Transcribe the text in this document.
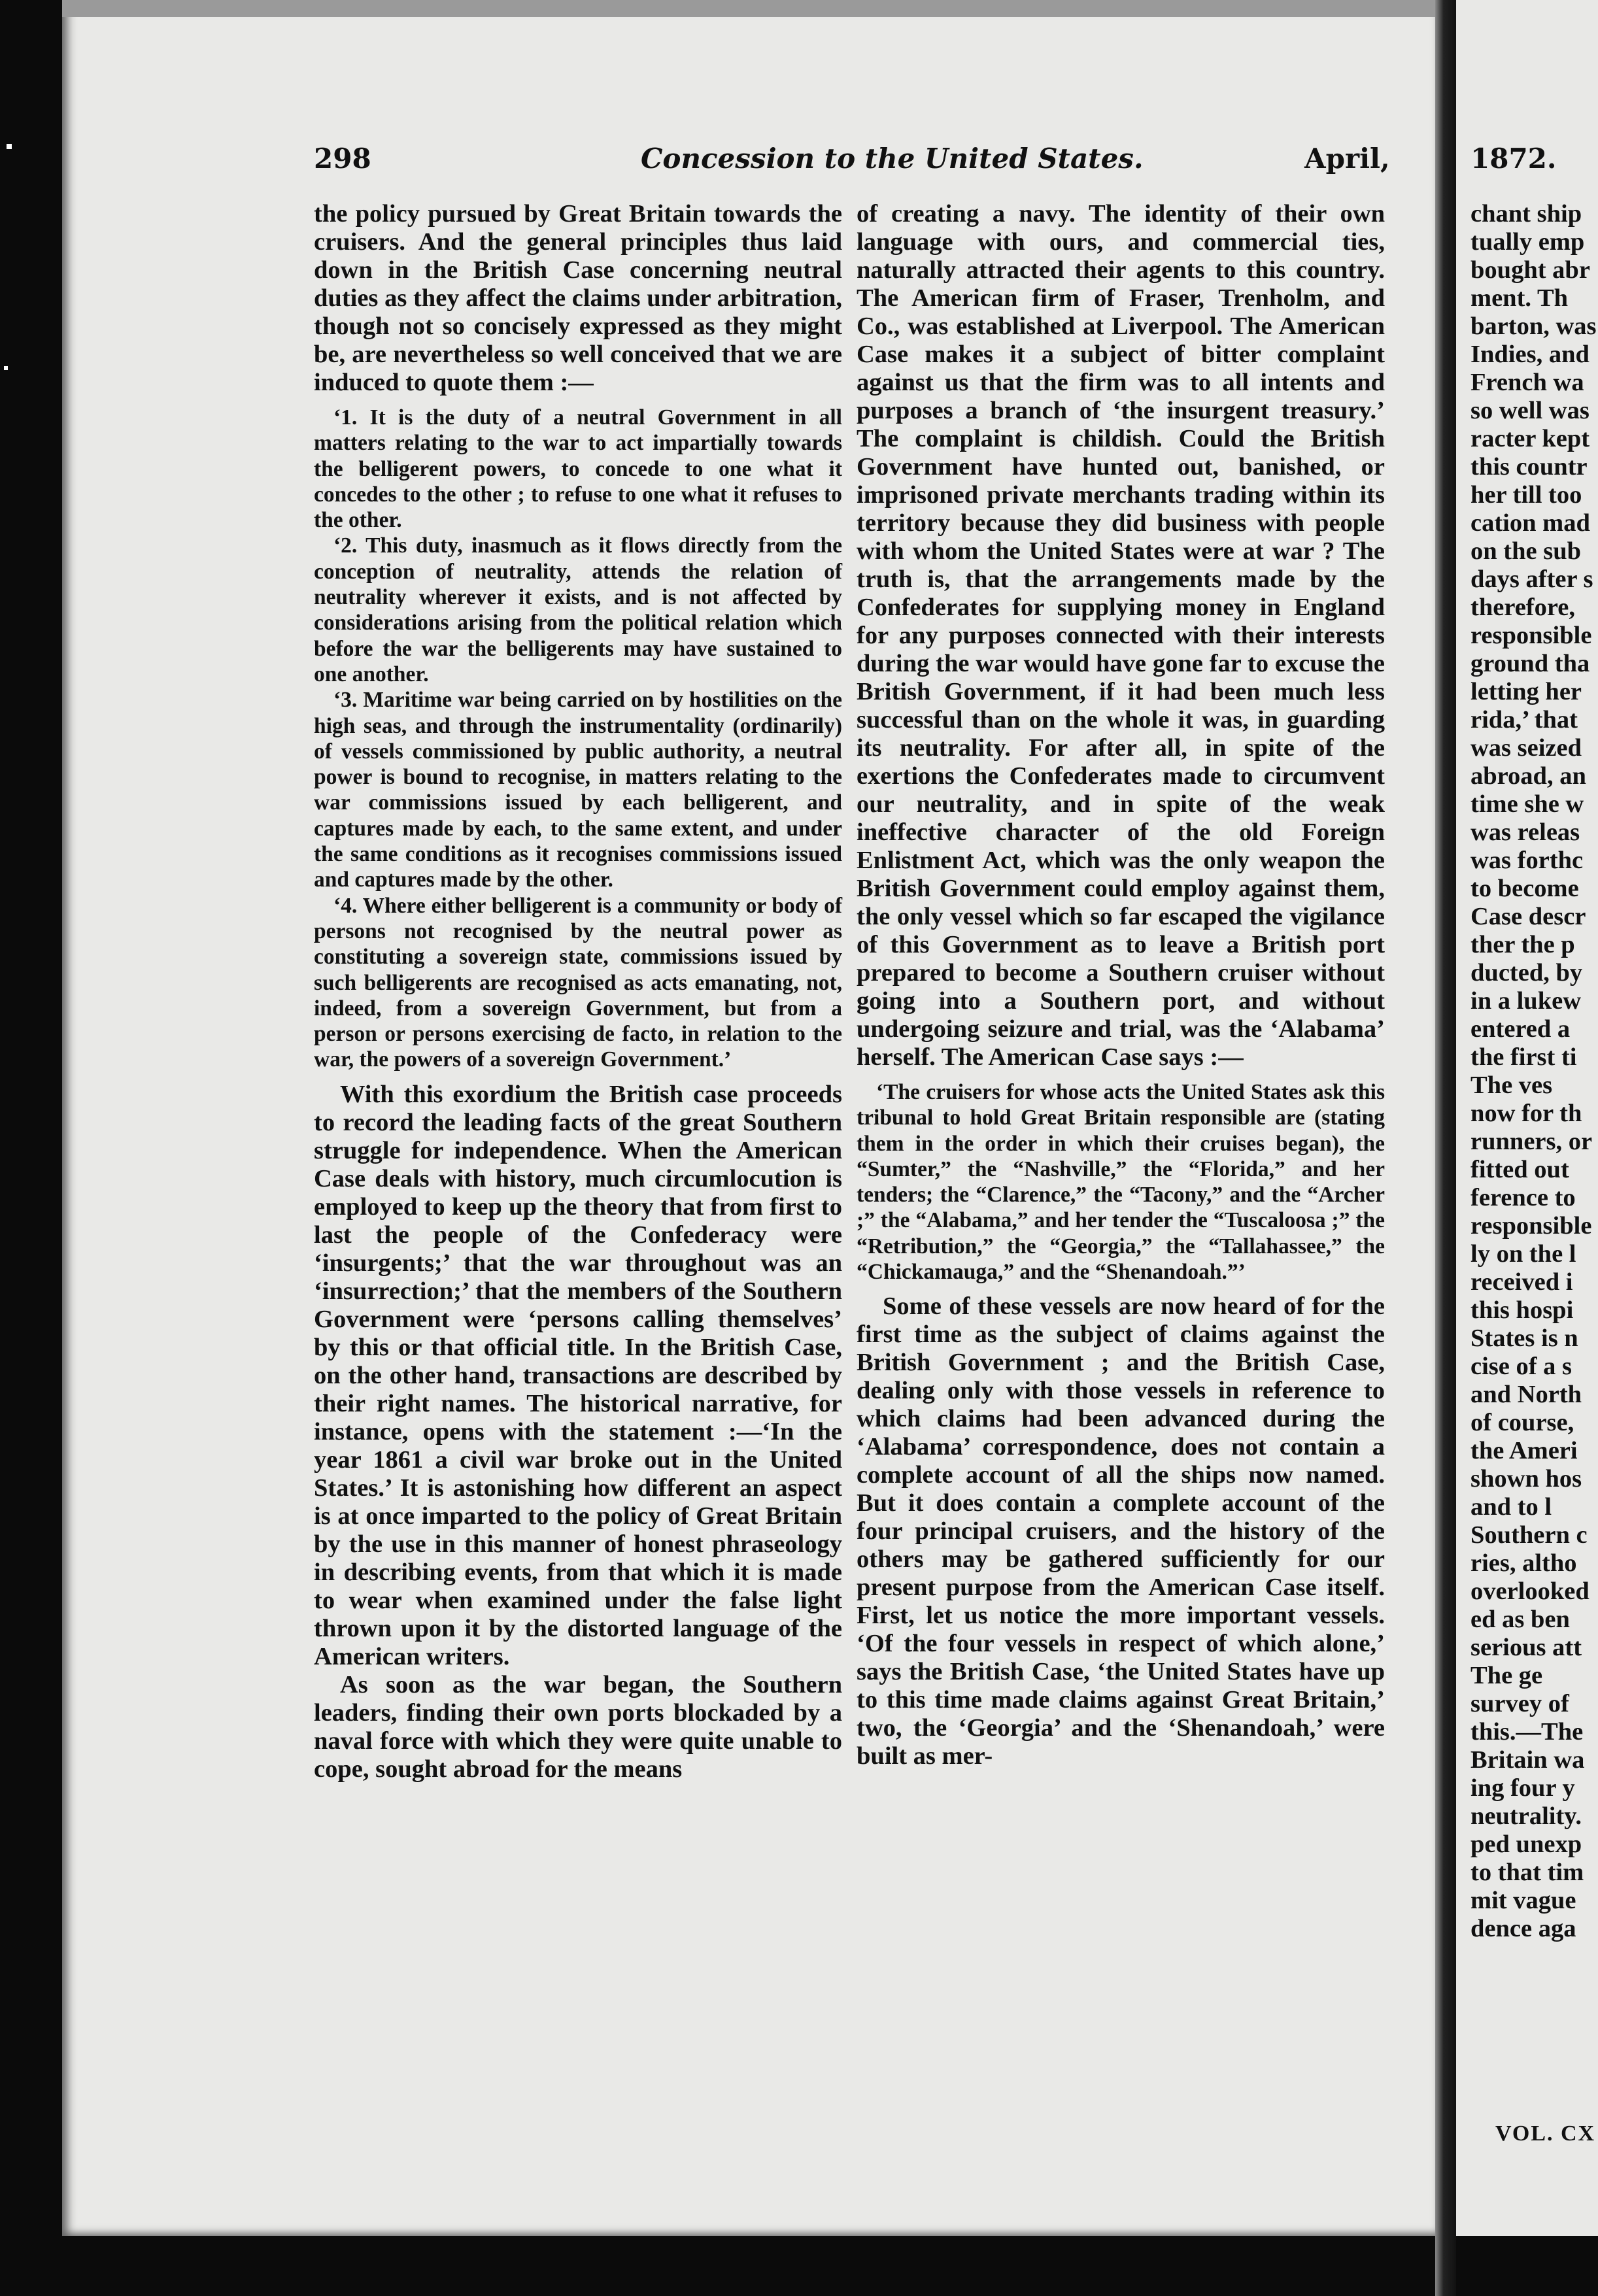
298	Concession to the United States.	April,

the policy pursued by Great Britain towards the cruisers. And the general principles thus laid down in the British Case concerning neutral duties as they affect the claims under arbitration, though not so concisely expressed as they might be, are nevertheless so well conceived that we are induced to quote them :—

‘1. It is the duty of a neutral Government in all matters relating to the war to act impartially towards the belligerent powers, to concede to one what it concedes to the other ; to refuse to one what it refuses to the other.

‘2. This duty, inasmuch as it flows directly from the conception of neutrality, attends the relation of neutrality wherever it exists, and is not affected by considerations arising from the political relation which before the war the belligerents may have sustained to one another.

‘3. Maritime war being carried on by hostilities on the high seas, and through the instrumentality (ordinarily) of vessels commissioned by public authority, a neutral power is bound to recognise, in matters relating to the war commissions issued by each belligerent, and captures made by each, to the same extent, and under the same conditions as it recognises commissions issued and captures made by the other.

‘4. Where either belligerent is a community or body of persons not recognised by the neutral power as constituting a sovereign state, commissions issued by such belligerents are recognised as acts emanating, not, indeed, from a sovereign Government, but from a person or persons exercising de facto, in relation to the war, the powers of a sovereign Government.’

With this exordium the British case proceeds to record the leading facts of the great Southern struggle for independence. When the American Case deals with history, much circumlocution is employed to keep up the theory that from first to last the people of the Confederacy were ‘insurgents;’ that the war throughout was an ‘insurrection;’ that the members of the Southern Government were ‘persons calling themselves’ by this or that official title. In the British Case, on the other hand, transactions are described by their right names. The historical narrative, for instance, opens with the statement :—‘In the year 1861 a civil war broke out in the United States.’ It is astonishing how different an aspect is at once imparted to the policy of Great Britain by the use in this manner of honest phraseology in describing events, from that which it is made to wear when examined under the false light thrown upon it by the distorted language of the American writers.

As soon as the war began, the Southern leaders, finding their own ports blockaded by a naval force with which they were quite unable to cope, sought abroad for the means

of creating a navy. The identity of their own language with ours, and commercial ties, naturally attracted their agents to this country. The American firm of Fraser, Trenholm, and Co., was established at Liverpool. The American Case makes it a subject of bitter complaint against us that the firm was to all intents and purposes a branch of ‘the insurgent treasury.’ The complaint is childish. Could the British Government have hunted out, banished, or imprisoned private merchants trading within its territory because they did business with people with whom the United States were at war ? The truth is, that the arrangements made by the Confederates for supplying money in England for any purposes connected with their interests during the war would have gone far to excuse the British Government, if it had been much less successful than on the whole it was, in guarding its neutrality. For after all, in spite of the exertions the Confederates made to circumvent our neutrality, and in spite of the weak ineffective character of the old Foreign Enlistment Act, which was the only weapon the British Government could employ against them, the only vessel which so far escaped the vigilance of this Government as to leave a British port prepared to become a Southern cruiser without going into a Southern port, and without undergoing seizure and trial, was the ‘Alabama’ herself. The American Case says :—

‘The cruisers for whose acts the United States ask this tribunal to hold Great Britain responsible are (stating them in the order in which their cruises began), the “Sumter,” the “Nashville,” the “Florida,” and her tenders; the “Clarence,” the “Tacony,” and the “Archer ;” the “Alabama,” and her tender the “Tuscaloosa ;” the “Retribution,” the “Georgia,” the “Tallahassee,” the “Chickamauga,” and the “Shenandoah.”’

Some of these vessels are now heard of for the first time as the subject of claims against the British Government ; and the British Case, dealing only with those vessels in reference to which claims had been advanced during the ‘Alabama’ correspondence, does not contain a complete account of all the ships now named. But it does contain a complete account of the four principal cruisers, and the history of the others may be gathered sufficiently for our present purpose from the American Case itself. First, let us notice the more important vessels. ‘Of the four vessels in respect of which alone,’ says the British Case, ‘the United States have up to this time made claims against Great Britain,’ two, the ‘Georgia’ and the ‘Shenandoah,’ were built as mer-

1872.
chant ship
tually emp
bought abr
ment. Th
barton, was
Indies, and
French wa
so well was
racter kept
this countr
her till too
cation mad
on the sub
days after s
therefore,
responsible
ground tha
letting her
rida,’ that
was seized
abroad, an
time she w
was releas
was forthc
to become
Case descr
ther the p
ducted, by
in a lukew
entered a
the first ti
The ves
now for th
runners, or
fitted out
ference to
responsible
ly on the l
received i
this hospi
States is n
cise of a s
and North
of course,
the Ameri
shown hos
and to l
Southern c
ries, altho
overlooked
ed as ben
serious att
The ge
survey of
this.—The
Britain wa
ing four y
neutrality.
ped unexp
to that tim
mit vague
dence aga
VOL. CX
